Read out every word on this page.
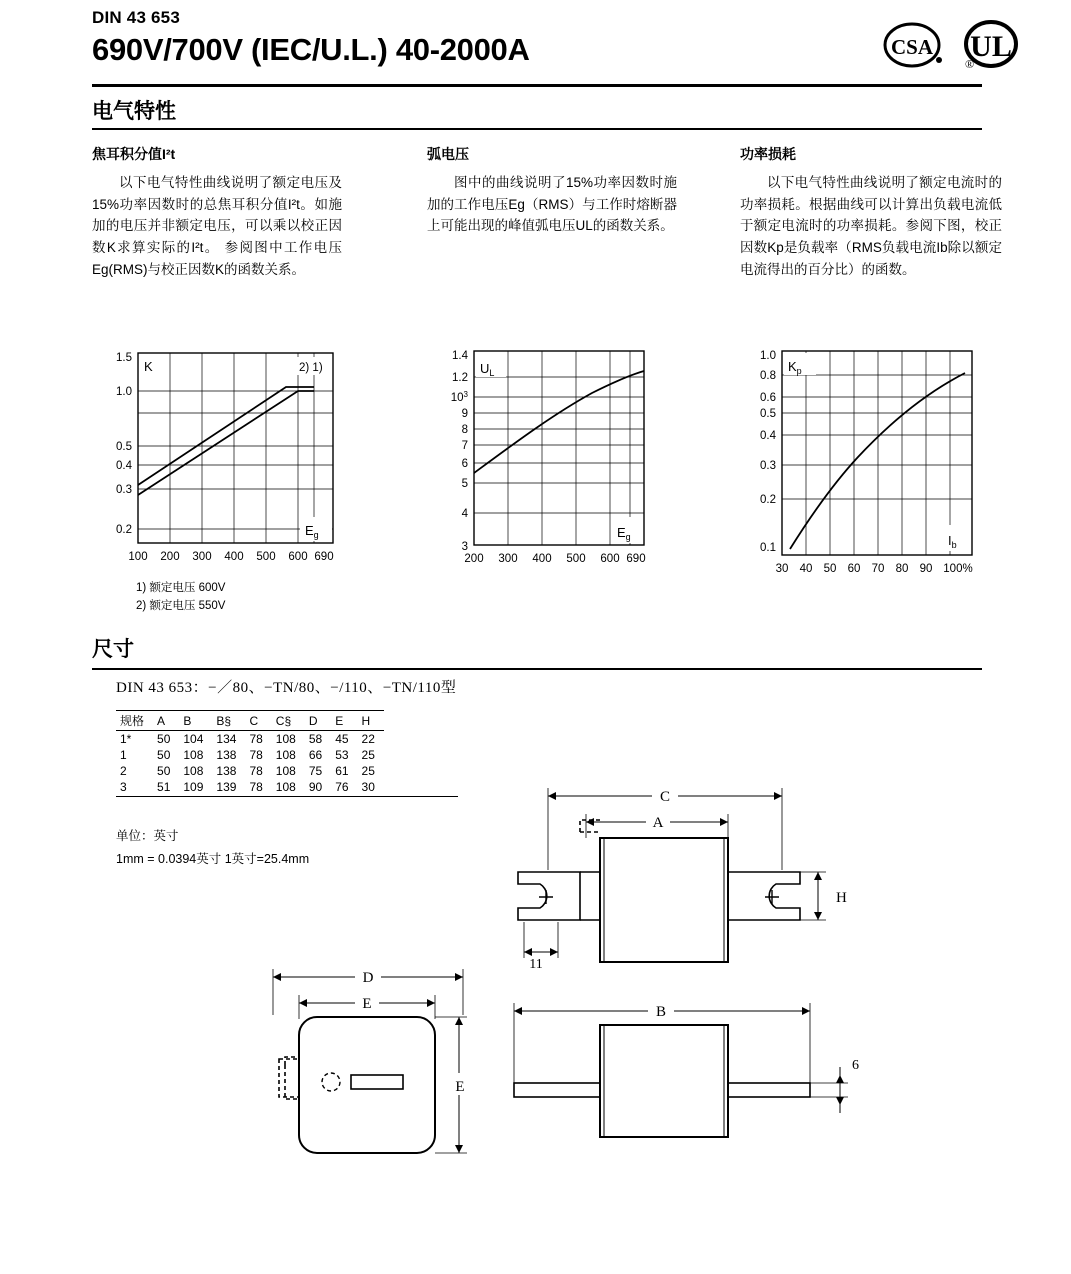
DIN 43 653
690V/700V (IEC/U.L.) 40-2000A	CSA UL
®
电气特性
焦耳积分值I²t

以下电气特性曲线说明了额定电压及15%功率因数时的总焦耳积分值I²t。如施加的电压并非额定电压，可以乘以校正因数K求算实际的I²t。 参阅图中工作电压Eg(RMS)与校正因数K的函数关系。

弧电压

图中的曲线说明了15%功率因数时施加的工作电压Eg（RMS）与工作时熔断器上可能出现的峰值弧电压UL的函数关系。

功率损耗

以下电气特性曲线说明了额定电流时的功率损耗。根据曲线可以计算出负载电流低于额定电流时的功率损耗。参阅下图，校正因数Kp是负载率（RMS负载电流Ib除以额定电流得出的百分比）的函数。

1.5
1.0
0.5
0.4
0.3
0.2
K	2) 1)
$E_g$
100 200 300 400 500 600 690
1) 额定电压 600V
2) 额定电压 550V
1.4
1.2
$10^3$
9
8
7
6
5
4
3
$U_L$
$E_g$
200 300 400 500 600 690
1.0
0.8
0.6
0.5
0.4
0.3
0.2
0.1
$K_p$
$I_b$
30 40 50 60 70 80 90 100%
尺寸
DIN 43 653：−／80、−TN/80、−/110、−TN/110型
规格	A	B	B§	C	C§	D	E	H
1*	50	104	134	78	108	58	45	22
1	50	108	138	78	108	66	53	25
2	50	108	138	78	108	75	61	25
3	51	109	139	78	108	90	76	30
单位：英寸
1mm = 0.0394英寸 1英寸=25.4mm
C
A
H
11
B
6
D
E
E
